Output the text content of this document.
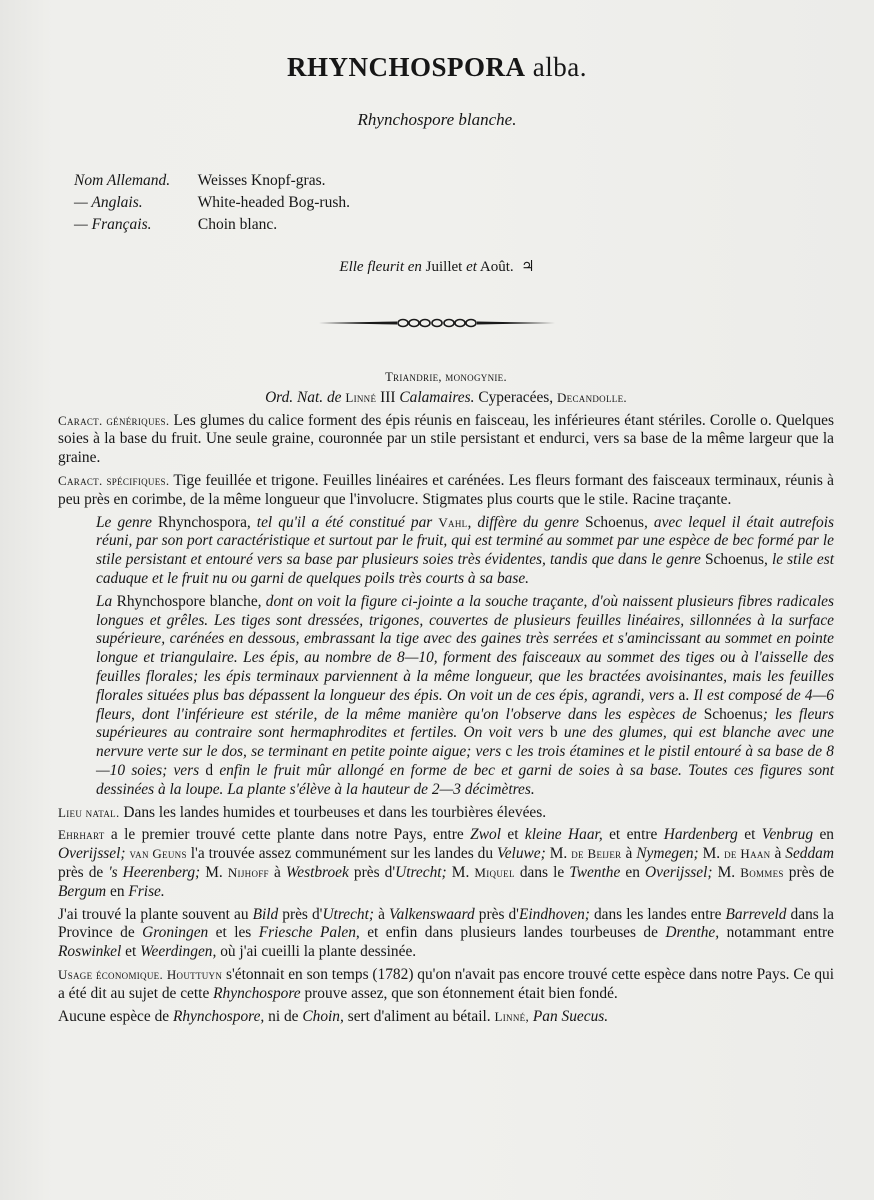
RHYNCHOSPORA alba.
Rhynchospore blanche.
Nom Allemand. Weisses Knopf-gras.
— Anglais.	White-headed Bog-rush.
— Français.	Choin blanc.
Elle fleurit en Juillet et Août. ♃

Triandrie, monogynie.

Ord. Nat. de Linné III Calamaires. Cyperacées, Decandolle.

Caract. génériques. Les glumes du calice forment des épis réunis en faisceau, les inférieures étant stériles. Corolle o. Quelques soies à la base du fruit. Une seule graine, couronnée par un stile persistant et endurci, vers sa base de la même largeur que la graine.

Caract. spécifiques. Tige feuillée et trigone. Feuilles linéaires et carénées. Les fleurs formant des faisceaux terminaux, réunis à peu près en corimbe, de la même longueur que l'involucre. Stigmates plus courts que le stile. Racine traçante.

Le genre Rhynchospora, tel qu'il a été constitué par Vahl, diffère du genre Schoenus, avec lequel il était autrefois réuni, par son port caractéristique et surtout par le fruit, qui est terminé au sommet par une espèce de bec formé par le stile persistant et entouré vers sa base par plusieurs soies très évidentes, tandis que dans le genre Schoenus, le stile est caduque et le fruit nu ou garni de quelques poils très courts à sa base.
La Rhynchospore blanche, dont on voit la figure ci-jointe a la souche traçante, d'où naissent plusieurs fibres radicales longues et grêles. Les tiges sont dressées, trigones, couvertes de plusieurs feuilles linéaires, sillonnées à la surface supérieure, carénées en dessous, embrassant la tige avec des gaines très serrées et s'amincissant au sommet en pointe longue et triangulaire. Les épis, au nombre de 8—10, forment des faisceaux au sommet des tiges ou à l'aisselle des feuilles florales; les épis terminaux parviennent à la même longueur, que les bractées avoisinantes, mais les feuilles florales situées plus bas dépassent la longueur des épis. On voit un de ces épis, agrandi, vers a. Il est composé de 4—6 fleurs, dont l'inférieure est stérile, de la même manière qu'on l'observe dans les espèces de Schoenus; les fleurs supérieures au contraire sont hermaphrodites et fertiles. On voit vers b une des glumes, qui est blanche avec une nervure verte sur le dos, se terminant en petite pointe aigue; vers c les trois étamines et le pistil entouré à sa base de 8—10 soies; vers d enfin le fruit mûr allongé en forme de bec et garni de soies à sa base. Toutes ces figures sont dessinées à la loupe. La plante s'élève à la hauteur de 2—3 décimètres.

Lieu natal. Dans les landes humides et tourbeuses et dans les tourbières élevées.

Ehrhart a le premier trouvé cette plante dans notre Pays, entre Zwol et kleine Haar, et entre Hardenberg et Venbrug en Overijssel; van Geuns l'a trouvée assez communément sur les landes du Veluwe; M. de Beijer à Nymegen; M. de Haan à Seddam près de 's Heerenberg; M. Nijhoff à Westbroek près d'Utrecht; M. Miquel dans le Twenthe en Overijssel; M. Bommes près de Bergum en Frise.

J'ai trouvé la plante souvent au Bild près d'Utrecht; à Valkenswaard près d'Eindhoven; dans les landes entre Barreveld dans la Province de Groningen et les Friesche Palen, et enfin dans plusieurs landes tourbeuses de Drenthe, notammant entre Roswinkel et Weerdingen, où j'ai cueilli la plante dessinée.

Usage économique. Houttuyn s'étonnait en son temps (1782) qu'on n'avait pas encore trouvé cette espèce dans notre Pays. Ce qui a été dit au sujet de cette Rhynchospore prouve assez, que son étonnement était bien fondé.

Aucune espèce de Rhynchospore, ni de Choin, sert d'aliment au bétail. Linné, Pan Suecus.
